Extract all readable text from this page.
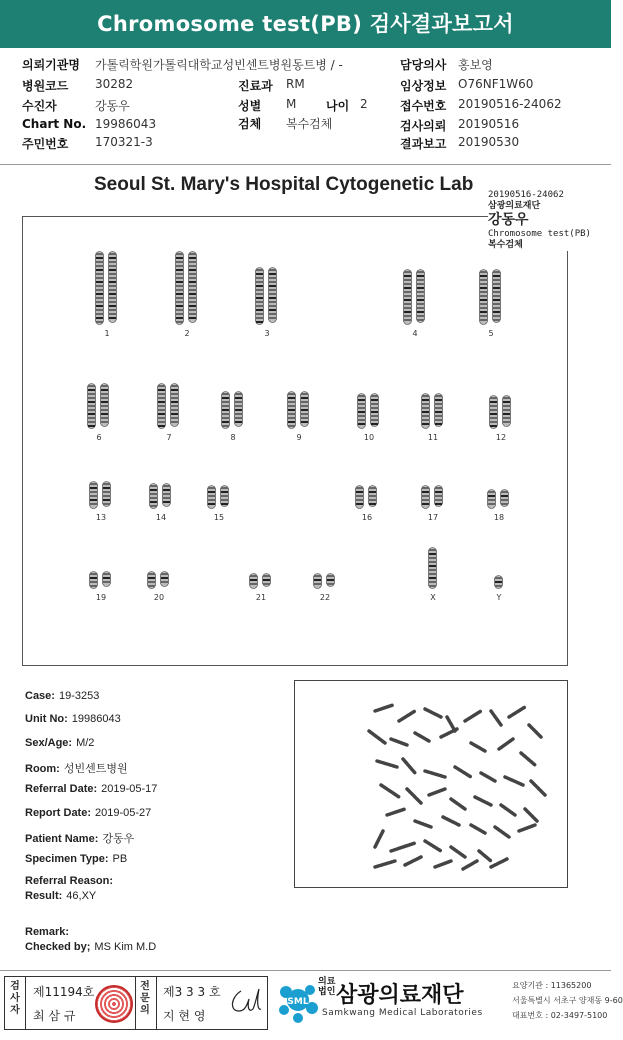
Chromosome test(PB) 검사결과보고서
의뢰기관명 가톨릭학원가톨릭대학교성빈센트병원동트병 / -	담당의사 홍보영
병원코드 30282	진료과 RM	임상정보 O76NF1W60
수진자	강동우	성별 M 나이 2	접수번호 20190516-24062
Chart No. 19986043	검체 복수검체	검사의뢰 20190516
주민번호 170321-3	결과보고 20190530
Seoul St. Mary's Hospital Cytogenetic Lab
1	2	3	4	5
6	7	8	9	10	11	12
13	14	15	16	17	18
19	20	21	22	X	Y
20190516-24062
삼광의료재단
강동우
Chromosome test(PB)
복수검체
Case: 19-3253
Unit No: 19986043
Sex/Age: M/2
Room: 성빈센트병원
Referral Date: 2019-05-17
Report Date: 2019-05-27
Patient Name: 강동우
Specimen Type: PB
Referral Reason:
Result: 46,XY
Remark:
Checked by; MS Kim M.D
검사자
제11194호
최 삼 규
전문의
제3 3 3 호
지 현 영
SML
의료법인 삼광의료재단
Samkwang Medical Laboratories
요양기관 : 11365200
서울특별시 서초구 양재동 9-60
대표번호 : 02-3497-5100
